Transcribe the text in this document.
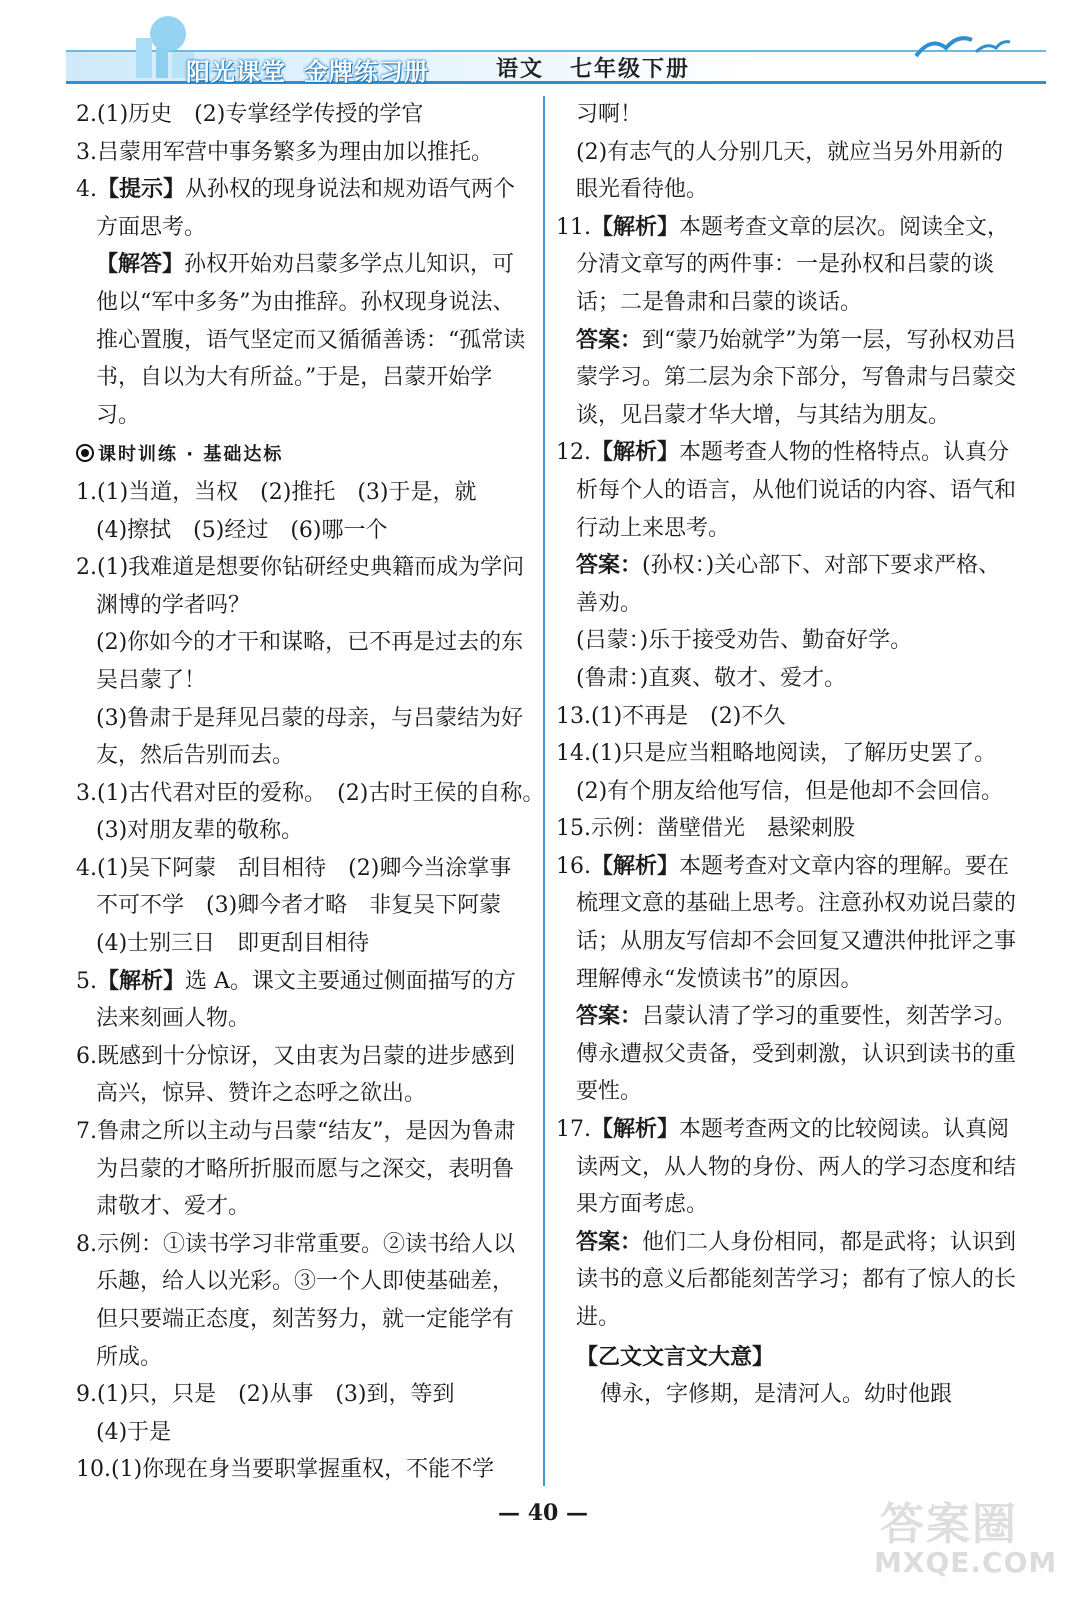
阳光课堂 金牌练习册	语文 七年级下册

2.(1)历史　(2)专掌经学传授的学官

3.吕蒙用军营中事务繁多为理由加以推托。

4.【提示】从孙权的现身说法和规劝语气两个方面思考。

【解答】孙权开始劝吕蒙多学点儿知识，可他以“军中多务”为由推辞。孙权现身说法、推心置腹，语气坚定而又循循善诱：“孤常读书，自以为大有所益。”于是，吕蒙开始学习。

课时训练 · 基础达标

1.(1)当道，当权　(2)推托　(3)于是，就

(4)擦拭　(5)经过　(6)哪一个

2.(1)我难道是想要你钻研经史典籍而成为学问渊博的学者吗？

(2)你如今的才干和谋略，已不再是过去的东吴吕蒙了！

(3)鲁肃于是拜见吕蒙的母亲，与吕蒙结为好友，然后告别而去。

3.(1)古代君对臣的爱称。　(2)古时王侯的自称。　(3)对朋友辈的敬称。

4.(1)吴下阿蒙　刮目相待　(2)卿今当涂掌事　不可不学　(3)卿今者才略　非复吴下阿蒙　(4)士别三日　即更刮目相待

5.【解析】选 A。课文主要通过侧面描写的方法来刻画人物。

6.既感到十分惊讶，又由衷为吕蒙的进步感到高兴，惊异、赞许之态呼之欲出。

7.鲁肃之所以主动与吕蒙“结友”，是因为鲁肃为吕蒙的才略所折服而愿与之深交，表明鲁肃敬才、爱才。

8.示例：①读书学习非常重要。②读书给人以乐趣，给人以光彩。③一个人即使基础差，但只要端正态度，刻苦努力，就一定能学有所成。

9.(1)只，只是　(2)从事　(3)到，等到

(4)于是

10.(1)你现在身当要职掌握重权，不能不学

习啊！

(2)有志气的人分别几天，就应当另外用新的眼光看待他。

11.【解析】本题考查文章的层次。阅读全文，分清文章写的两件事：一是孙权和吕蒙的谈话；二是鲁肃和吕蒙的谈话。

答案：到“蒙乃始就学”为第一层，写孙权劝吕蒙学习。第二层为余下部分，写鲁肃与吕蒙交谈，见吕蒙才华大增，与其结为朋友。

12.【解析】本题考查人物的性格特点。认真分析每个人的语言，从他们说话的内容、语气和行动上来思考。

答案：(孙权：)关心部下、对部下要求严格、善劝。

(吕蒙：)乐于接受劝告、勤奋好学。

(鲁肃：)直爽、敬才、爱才。

13.(1)不再是　(2)不久

14.(1)只是应当粗略地阅读，了解历史罢了。

(2)有个朋友给他写信，但是他却不会回信。

15.示例：凿壁借光　悬梁刺股

16.【解析】本题考查对文章内容的理解。要在梳理文意的基础上思考。注意孙权劝说吕蒙的话；从朋友写信却不会回复又遭洪仲批评之事理解傅永“发愤读书”的原因。

答案：吕蒙认清了学习的重要性，刻苦学习。傅永遭叔父责备，受到刺激，认识到读书的重要性。

17.【解析】本题考查两文的比较阅读。认真阅读两文，从人物的身份、两人的学习态度和结果方面考虑。

答案：他们二人身份相同，都是武将；认识到读书的意义后都能刻苦学习；都有了惊人的长进。

【乙文文言文大意】

傅永，字修期，是清河人。幼时他跟

— 40 —	答案圈
MXQE.COM
